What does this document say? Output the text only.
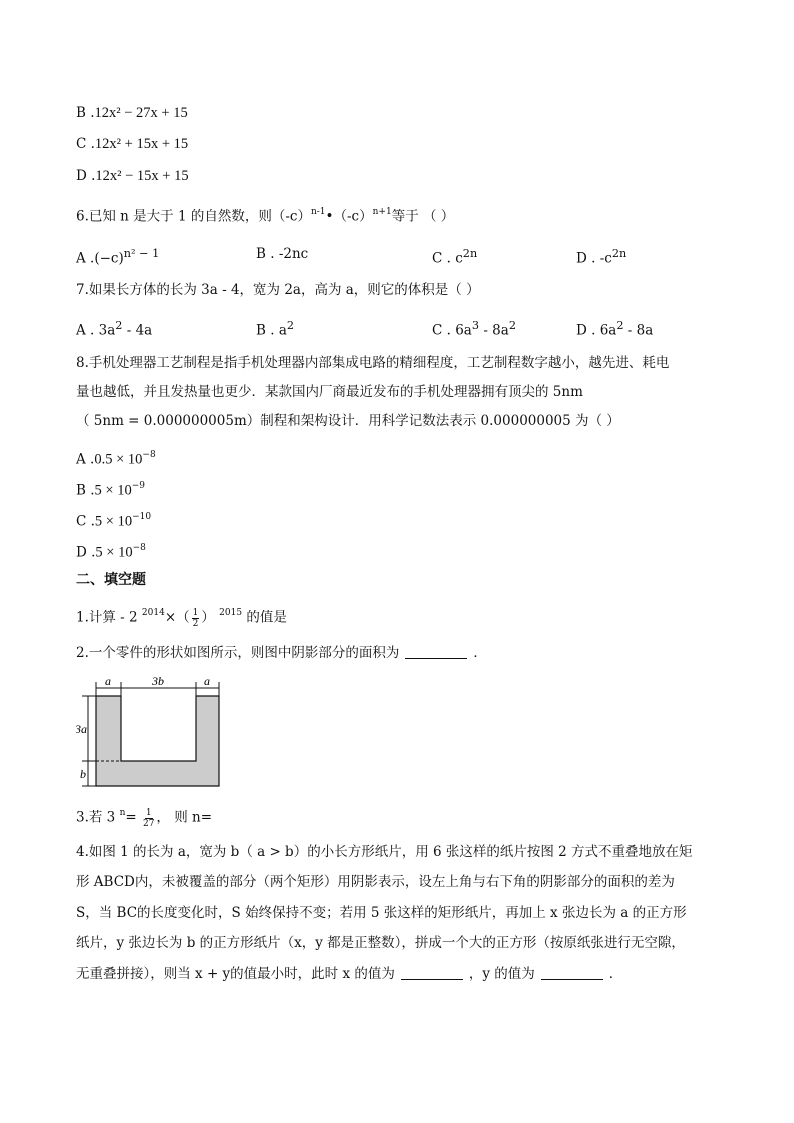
B .12x² − 27x + 15
C .12x² + 15x + 15
D .12x² − 15x + 15
6.已知 n 是大于 1 的自然数，则$(-c)^{n-1}•(-c)^{n+1}$等于 （ ）
A $.(-c)^{n^2 - 1}$	B . -2nc	C . $c^{2n}$	D . $-c^{2n}$
7.如果长方体的长为 3a - 4，宽为 2a，高为 a，则它的体积是（ ）
A . $3a^2 - 4a$	B . $a^2$	C . $6a^3 - 8a^2$	D . $6a^2 - 8a$
8.手机处理器工艺制程是指手机处理器内部集成电路的精细程度，工艺制程数字越小，越先进、耗电
量也越低，并且发热量也更少．某款国内厂商最近发布的手机处理器拥有顶尖的 5nm
（ 5nm = 0.000000005m）制程和架构设计．用科学记数法表示 0.000000005 为（ ）
A $.0.5 \times 10^{-8}$
B $.5 \times 10^{-9}$
C $.5 \times 10^{-10}$
D $.5 \times 10^{-8}$
二、填空题
1.计算 - 2 $^{2014}\times( \frac{1}{2}$ ） $^{2015}$ 的值是
2.一个零件的形状如图所示，则图中阴影部分的面积为	．
a	3b	a
3a
b
3.若 3 $^n= \frac{1}{27}$ ， 则 n=
4.如图 1 的长为 a，宽为 b（ a > b）的小长方形纸片，用 6 张这样的纸片按图 2 方式不重叠地放在矩
形 ABCD内，未被覆盖的部分（两个矩形）用阴影表示，设左上角与右下角的阴影部分的面积的差为
S，当 BC的长度变化时，S 始终保持不变；若用 5 张这样的矩形纸片，再加上 x 张边长为 a 的正方形
纸片，y 张边长为 b 的正方形纸片（x，y 都是正整数），拼成一个大的正方形（按原纸张进行无空隙，
无重叠拼接），则当 x + y的值最小时，此时 x 的值为	，y 的值为	．
